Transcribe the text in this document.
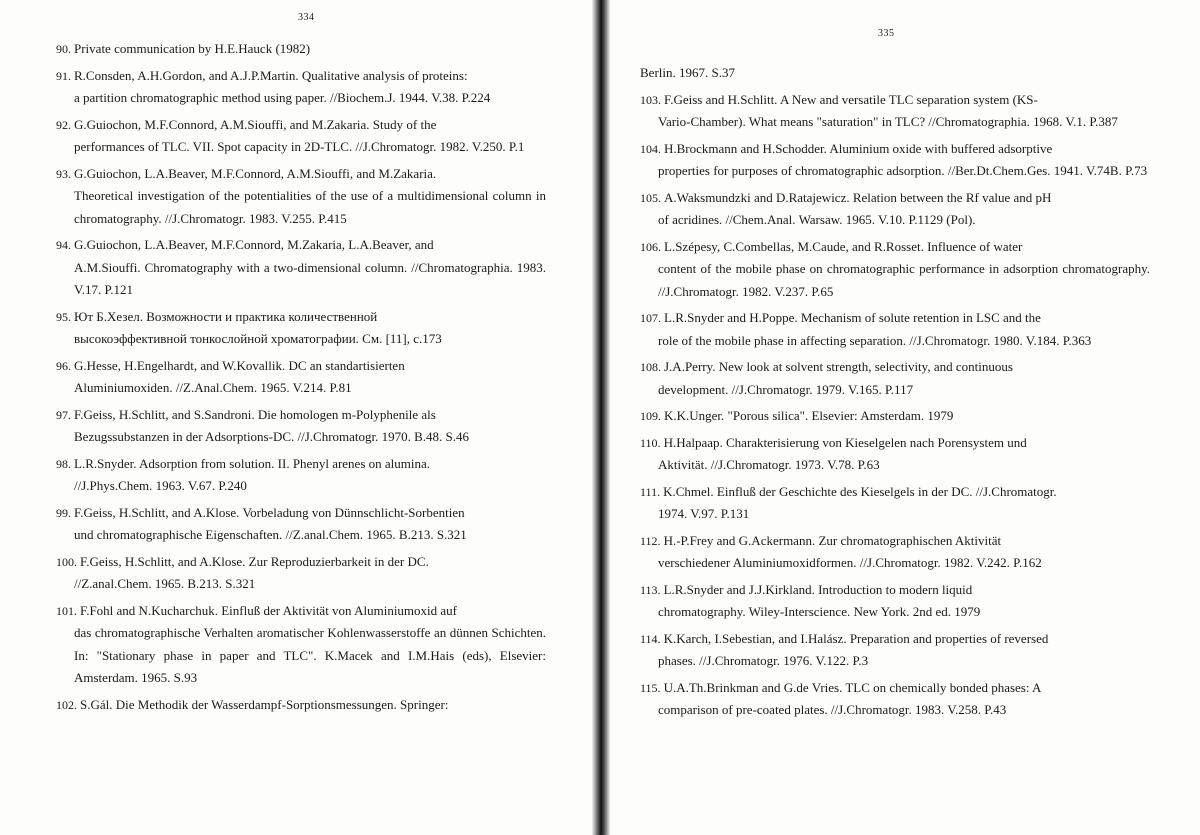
334
90. Private communication by H.E.Hauck (1982)
91. R.Consden, A.H.Gordon, and A.J.P.Martin. Qualitative analysis of proteins:
a partition chromatographic method using paper. //Biochem.J. 1944. V.38. P.224
92. G.Guiochon, M.F.Connord, A.M.Siouffi, and M.Zakaria. Study of the
performances of TLC. VII. Spot capacity in 2D-TLC. //J.Chromatogr. 1982. V.250. P.1
93. G.Guiochon, L.A.Beaver, M.F.Connord, A.M.Siouffi, and M.Zakaria.
Theoretical investigation of the potentialities of the use of a multidimensional column in chromatography. //J.Chromatogr. 1983. V.255. P.415
94. G.Guiochon, L.A.Beaver, M.F.Connord, M.Zakaria, L.A.Beaver, and
A.M.Siouffi. Chromatography with a two-dimensional column. //Chromatographia. 1983. V.17. P.121
95. Ют Б.Хезел. Возможности и практика количественной
высокоэффективной тонкослойной хроматографии. См. [11], с.173
96. G.Hesse, H.Engelhardt, and W.Kovallik. DC an standartisierten
Aluminiumoxiden. //Z.Anal.Chem. 1965. V.214. P.81
97. F.Geiss, H.Schlitt, and S.Sandroni. Die homologen m-Polyphenile als
Bezugssubstanzen in der Adsorptions-DC. //J.Chromatogr. 1970. B.48. S.46
98. L.R.Snyder. Adsorption from solution. II. Phenyl arenes on alumina.
//J.Phys.Chem. 1963. V.67. P.240
99. F.Geiss, H.Schlitt, and A.Klose. Vorbeladung von Dünnschlicht-Sorbentien
und chromatographische Eigenschaften. //Z.anal.Chem. 1965. B.213. S.321
100. F.Geiss, H.Schlitt, and A.Klose. Zur Reproduzierbarkeit in der DC.
//Z.anal.Chem. 1965. B.213. S.321
101. F.Fohl and N.Kucharchuk. Einfluß der Aktivität von Aluminiumoxid auf
das chromatographische Verhalten aromatischer Kohlenwasserstoffe an dünnen Schichten. In: "Stationary phase in paper and TLC". K.Macek and I.M.Hais (eds), Elsevier: Amsterdam. 1965. S.93
102. S.Gál. Die Methodik der Wasserdampf-Sorptionsmessungen. Springer:
335
Berlin. 1967. S.37
103. F.Geiss and H.Schlitt. A New and versatile TLC separation system (KS-
Vario-Chamber). What means "saturation" in TLC? //Chromatographia. 1968. V.1. P.387
104. H.Brockmann and H.Schodder. Aluminium oxide with buffered adsorptive
properties for purposes of chromatographic adsorption. //Ber.Dt.Chem.Ges. 1941. V.74B. P.73
105. A.Waksmundzki and D.Ratajewicz. Relation between the Rf value and pH
of acridines. //Chem.Anal. Warsaw. 1965. V.10. P.1129 (Pol).
106. L.Szépesy, C.Combellas, M.Caude, and R.Rosset. Influence of water
content of the mobile phase on chromatographic performance in adsorption chromatography. //J.Chromatogr. 1982. V.237. P.65
107. L.R.Snyder and H.Poppe. Mechanism of solute retention in LSC and the
role of the mobile phase in affecting separation. //J.Chromatogr. 1980. V.184. P.363
108. J.A.Perry. New look at solvent strength, selectivity, and continuous
development. //J.Chromatogr. 1979. V.165. P.117
109. K.K.Unger. "Porous silica". Elsevier: Amsterdam. 1979
110. H.Halpaap. Charakterisierung von Kieselgelen nach Porensystem und
Aktivität. //J.Chromatogr. 1973. V.78. P.63
111. K.Chmel. Einfluß der Geschichte des Kieselgels in der DC. //J.Chromatogr.
1974. V.97. P.131
112. H.-P.Frey and G.Ackermann. Zur chromatographischen Aktivität
verschiedener Aluminiumoxidformen. //J.Chromatogr. 1982. V.242. P.162
113. L.R.Snyder and J.J.Kirkland. Introduction to modern liquid
chromatography. Wiley-Interscience. New York. 2nd ed. 1979
114. K.Karch, I.Sebestian, and I.Halász. Preparation and properties of reversed
phases. //J.Chromatogr. 1976. V.122. P.3
115. U.A.Th.Brinkman and G.de Vries. TLC on chemically bonded phases: A
comparison of pre-coated plates. //J.Chromatogr. 1983. V.258. P.43
